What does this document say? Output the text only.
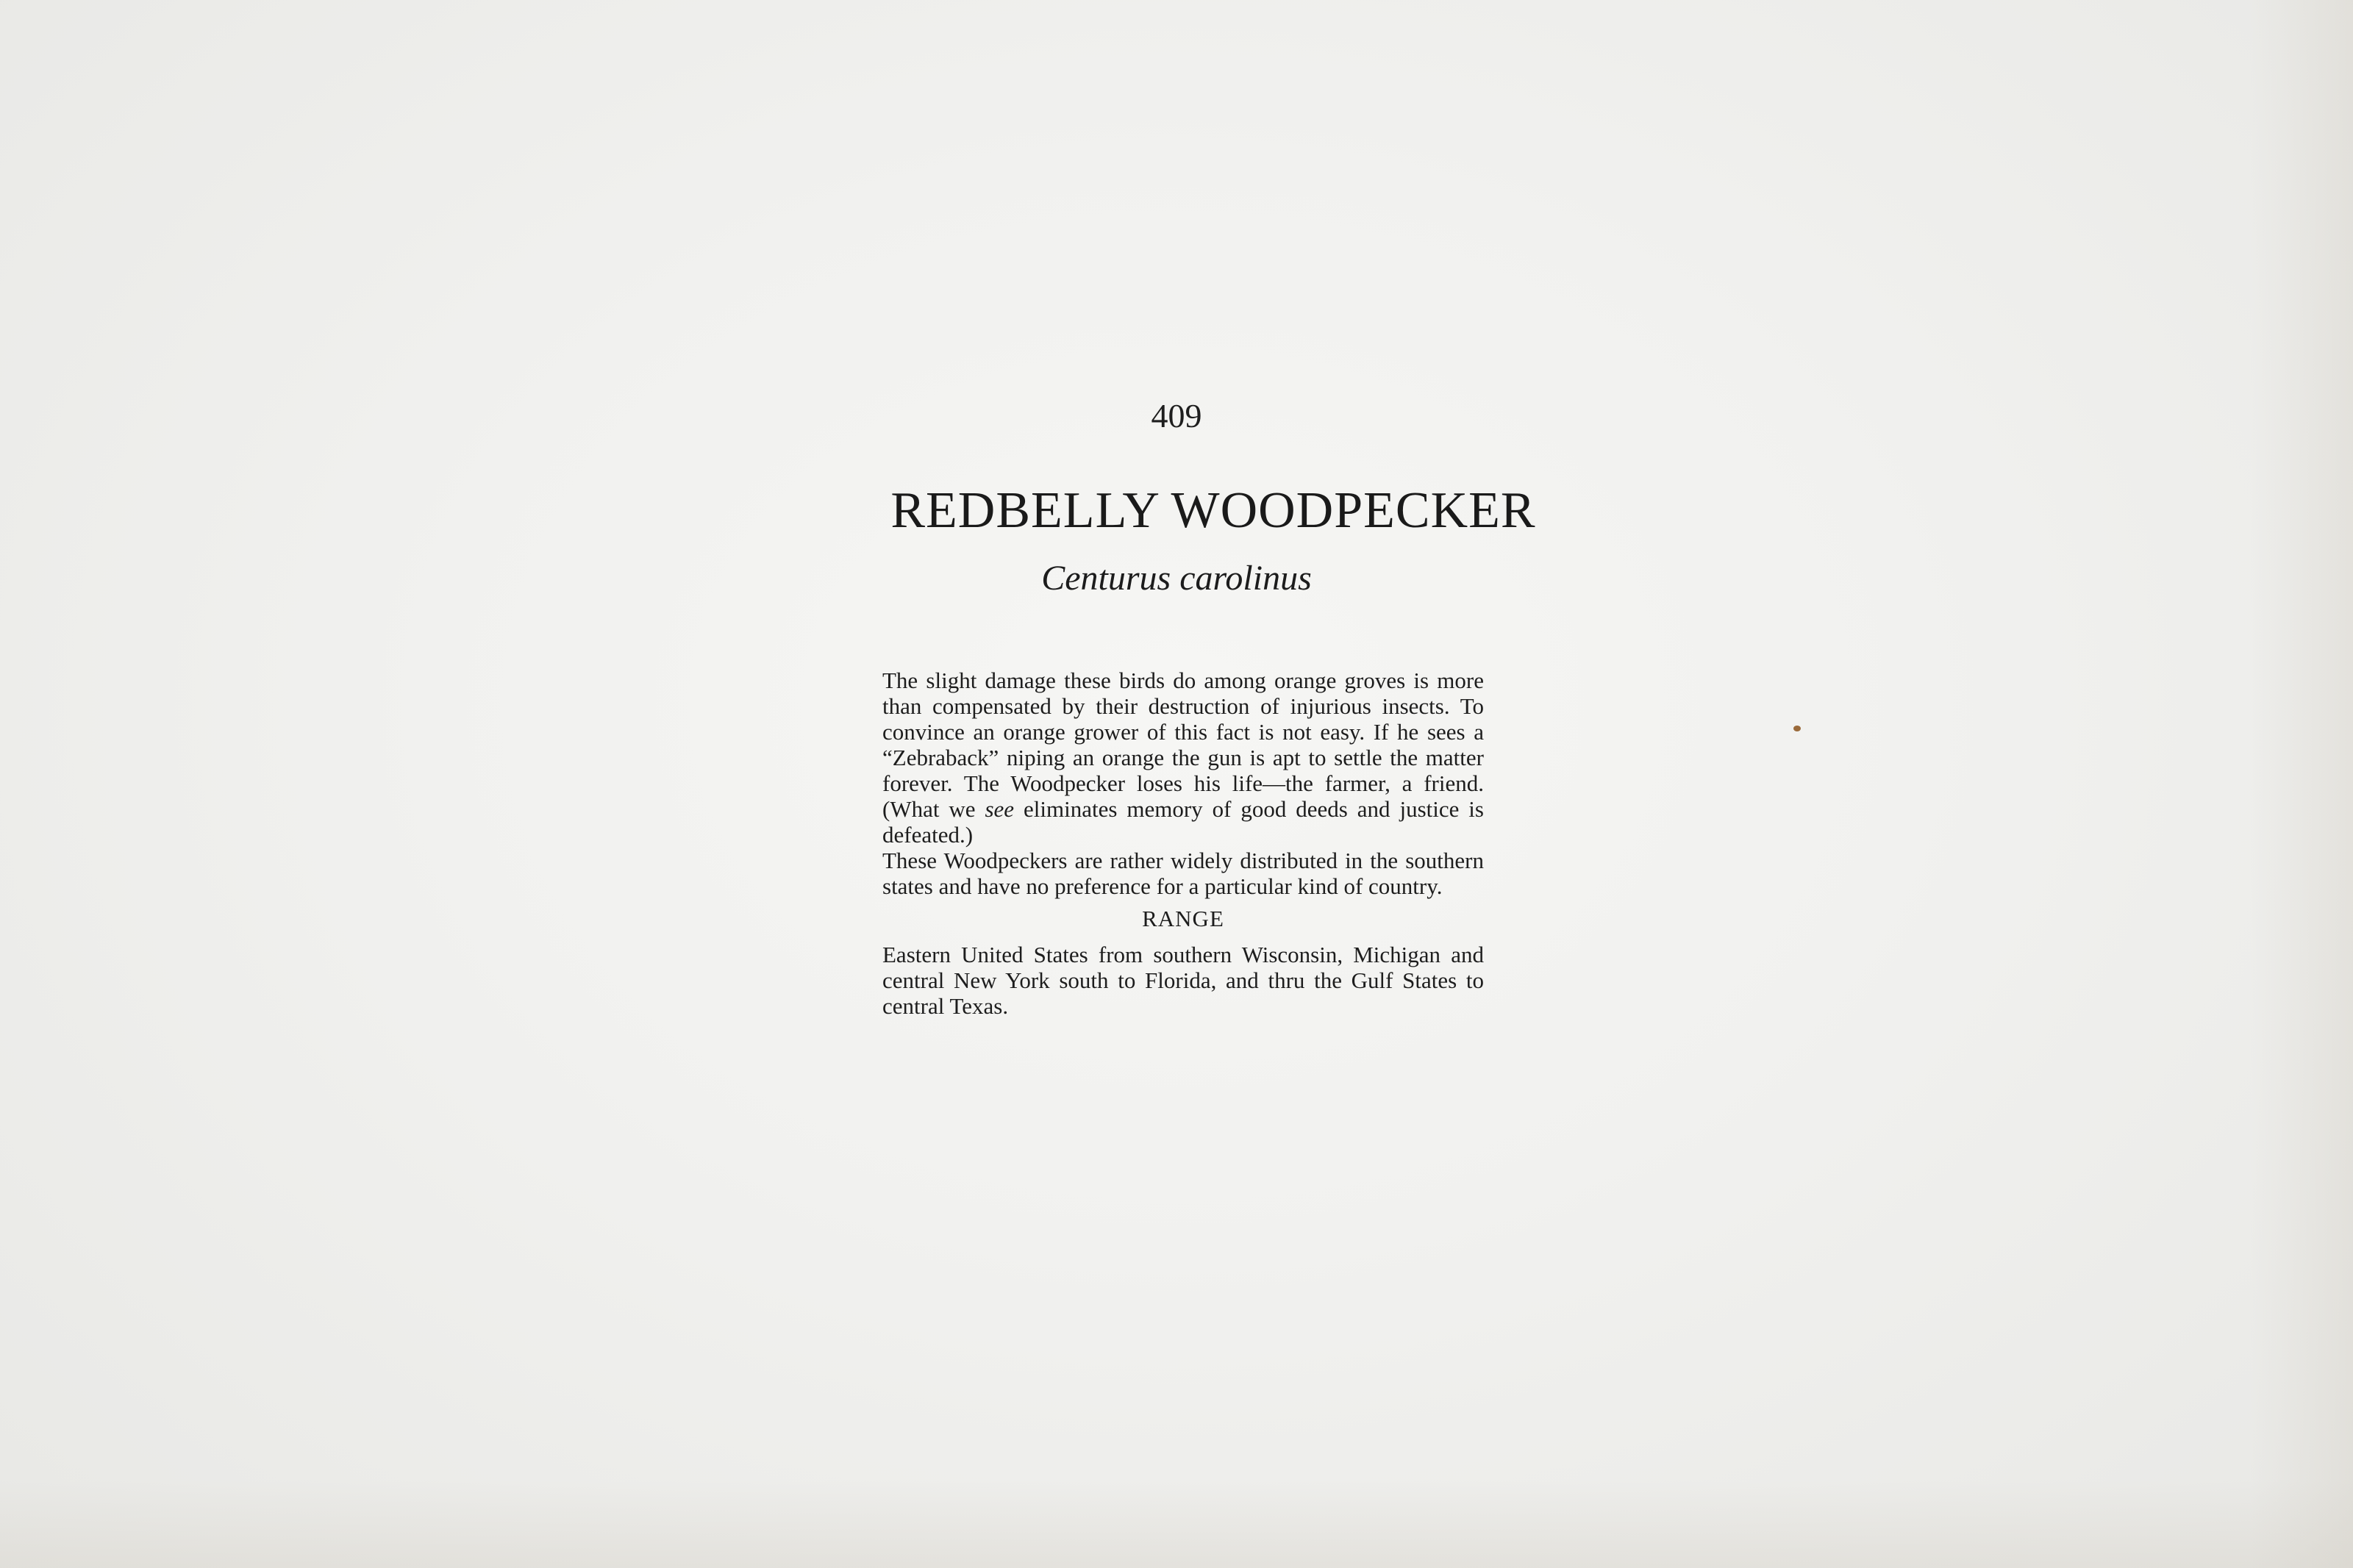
409
REDBELLY WOODPECKER
Centurus carolinus

The slight damage these birds do among orange groves is more than compensated by their destruction of injurious insects. To convince an orange grower of this fact is not easy. If he sees a “Zebraback” niping an orange the gun is apt to settle the matter forever. The Woodpecker loses his life—the farmer, a friend. (What we see eliminates memory of good deeds and justice is defeated.)

These Woodpeckers are rather widely distributed in the southern states and have no preference for a particular kind of country.

RANGE

Eastern United States from southern Wisconsin, Michigan and central New York south to Florida, and thru the Gulf States to central Texas.
